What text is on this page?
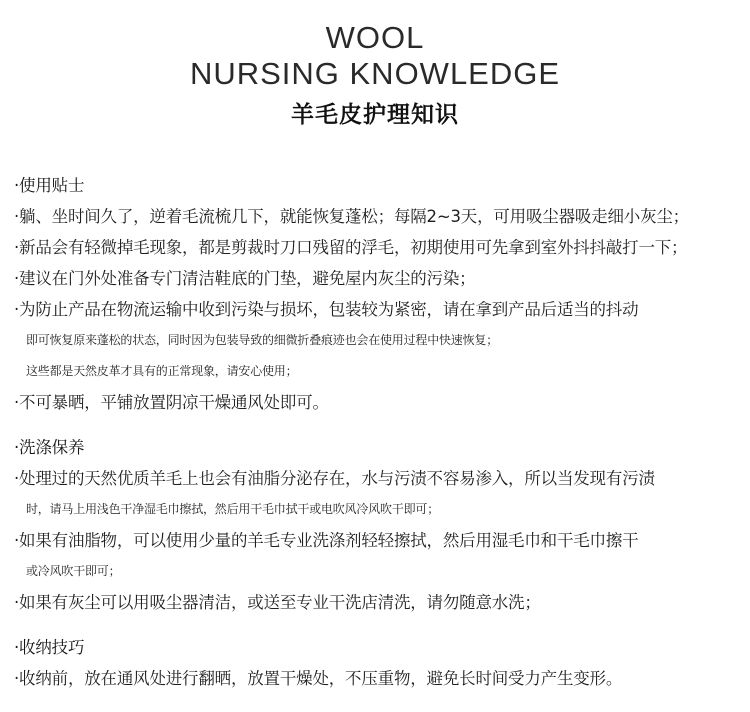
WOOL
NURSING KNOWLEDGE
羊毛皮护理知识
·使用贴士
·躺、坐时间久了，逆着毛流梳几下，就能恢复蓬松；每隔2~3天，可用吸尘器吸走细小灰尘；
·新品会有轻微掉毛现象，都是剪裁时刀口残留的浮毛，初期使用可先拿到室外抖抖敲打一下；
·建议在门外处准备专门清洁鞋底的门垫，避免屋内灰尘的污染；
·为防止产品在物流运输中收到污染与损坏，包装较为紧密，请在拿到产品后适当的抖动
即可恢复原来蓬松的状态，同时因为包装导致的细微折叠痕迹也会在使用过程中快速恢复；
这些都是天然皮革才具有的正常现象，请安心使用；
·不可暴晒，平铺放置阴凉干燥通风处即可。
·洗涤保养
·处理过的天然优质羊毛上也会有油脂分泌存在，水与污渍不容易渗入，所以当发现有污渍
时，请马上用浅色干净湿毛巾擦拭，然后用干毛巾拭干或电吹风冷风吹干即可；
·如果有油脂物，可以使用少量的羊毛专业洗涤剂轻轻擦拭，然后用湿毛巾和干毛巾擦干
或冷风吹干即可；
·如果有灰尘可以用吸尘器清洁，或送至专业干洗店清洗，请勿随意水洗；
·收纳技巧
·收纳前，放在通风处进行翻晒，放置干燥处，不压重物，避免长时间受力产生变形。
